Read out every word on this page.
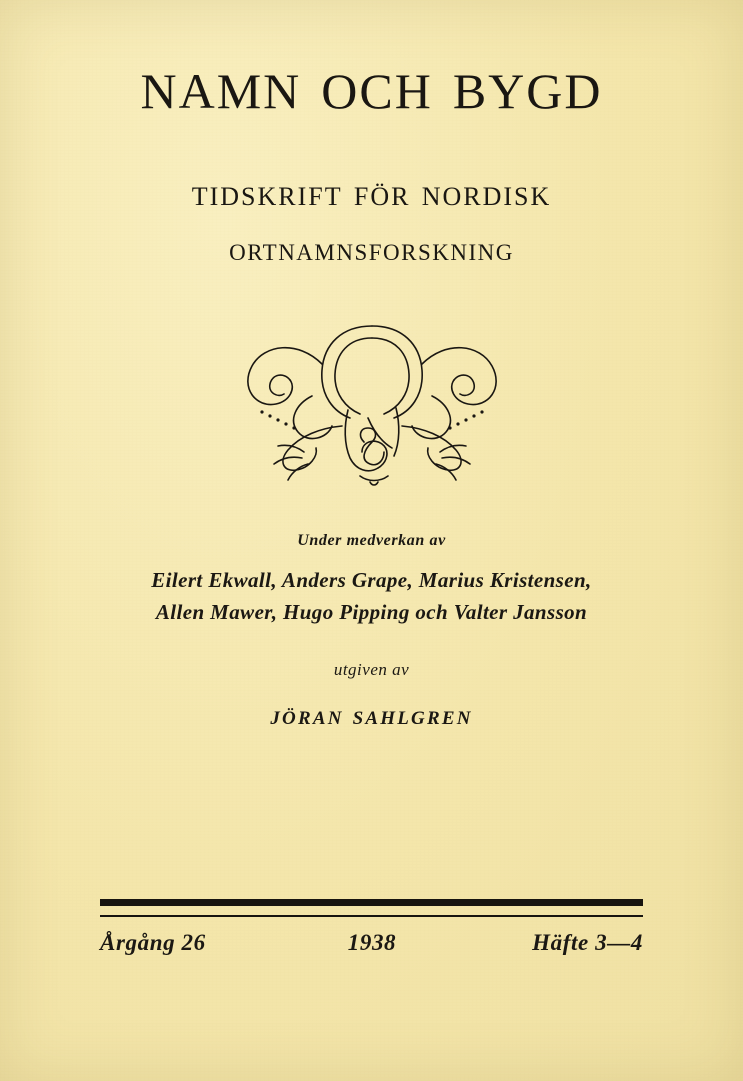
namn och bygd
tidskrift för nordisk
ortnamnsforskning
Under medverkan av
Eilert Ekwall, Anders Grape, Marius Kristensen,
Allen Mawer, Hugo Pipping och Valter Jansson
utgiven av
jöran sahlgren
Årgång 26	1938	Häfte 3—4
